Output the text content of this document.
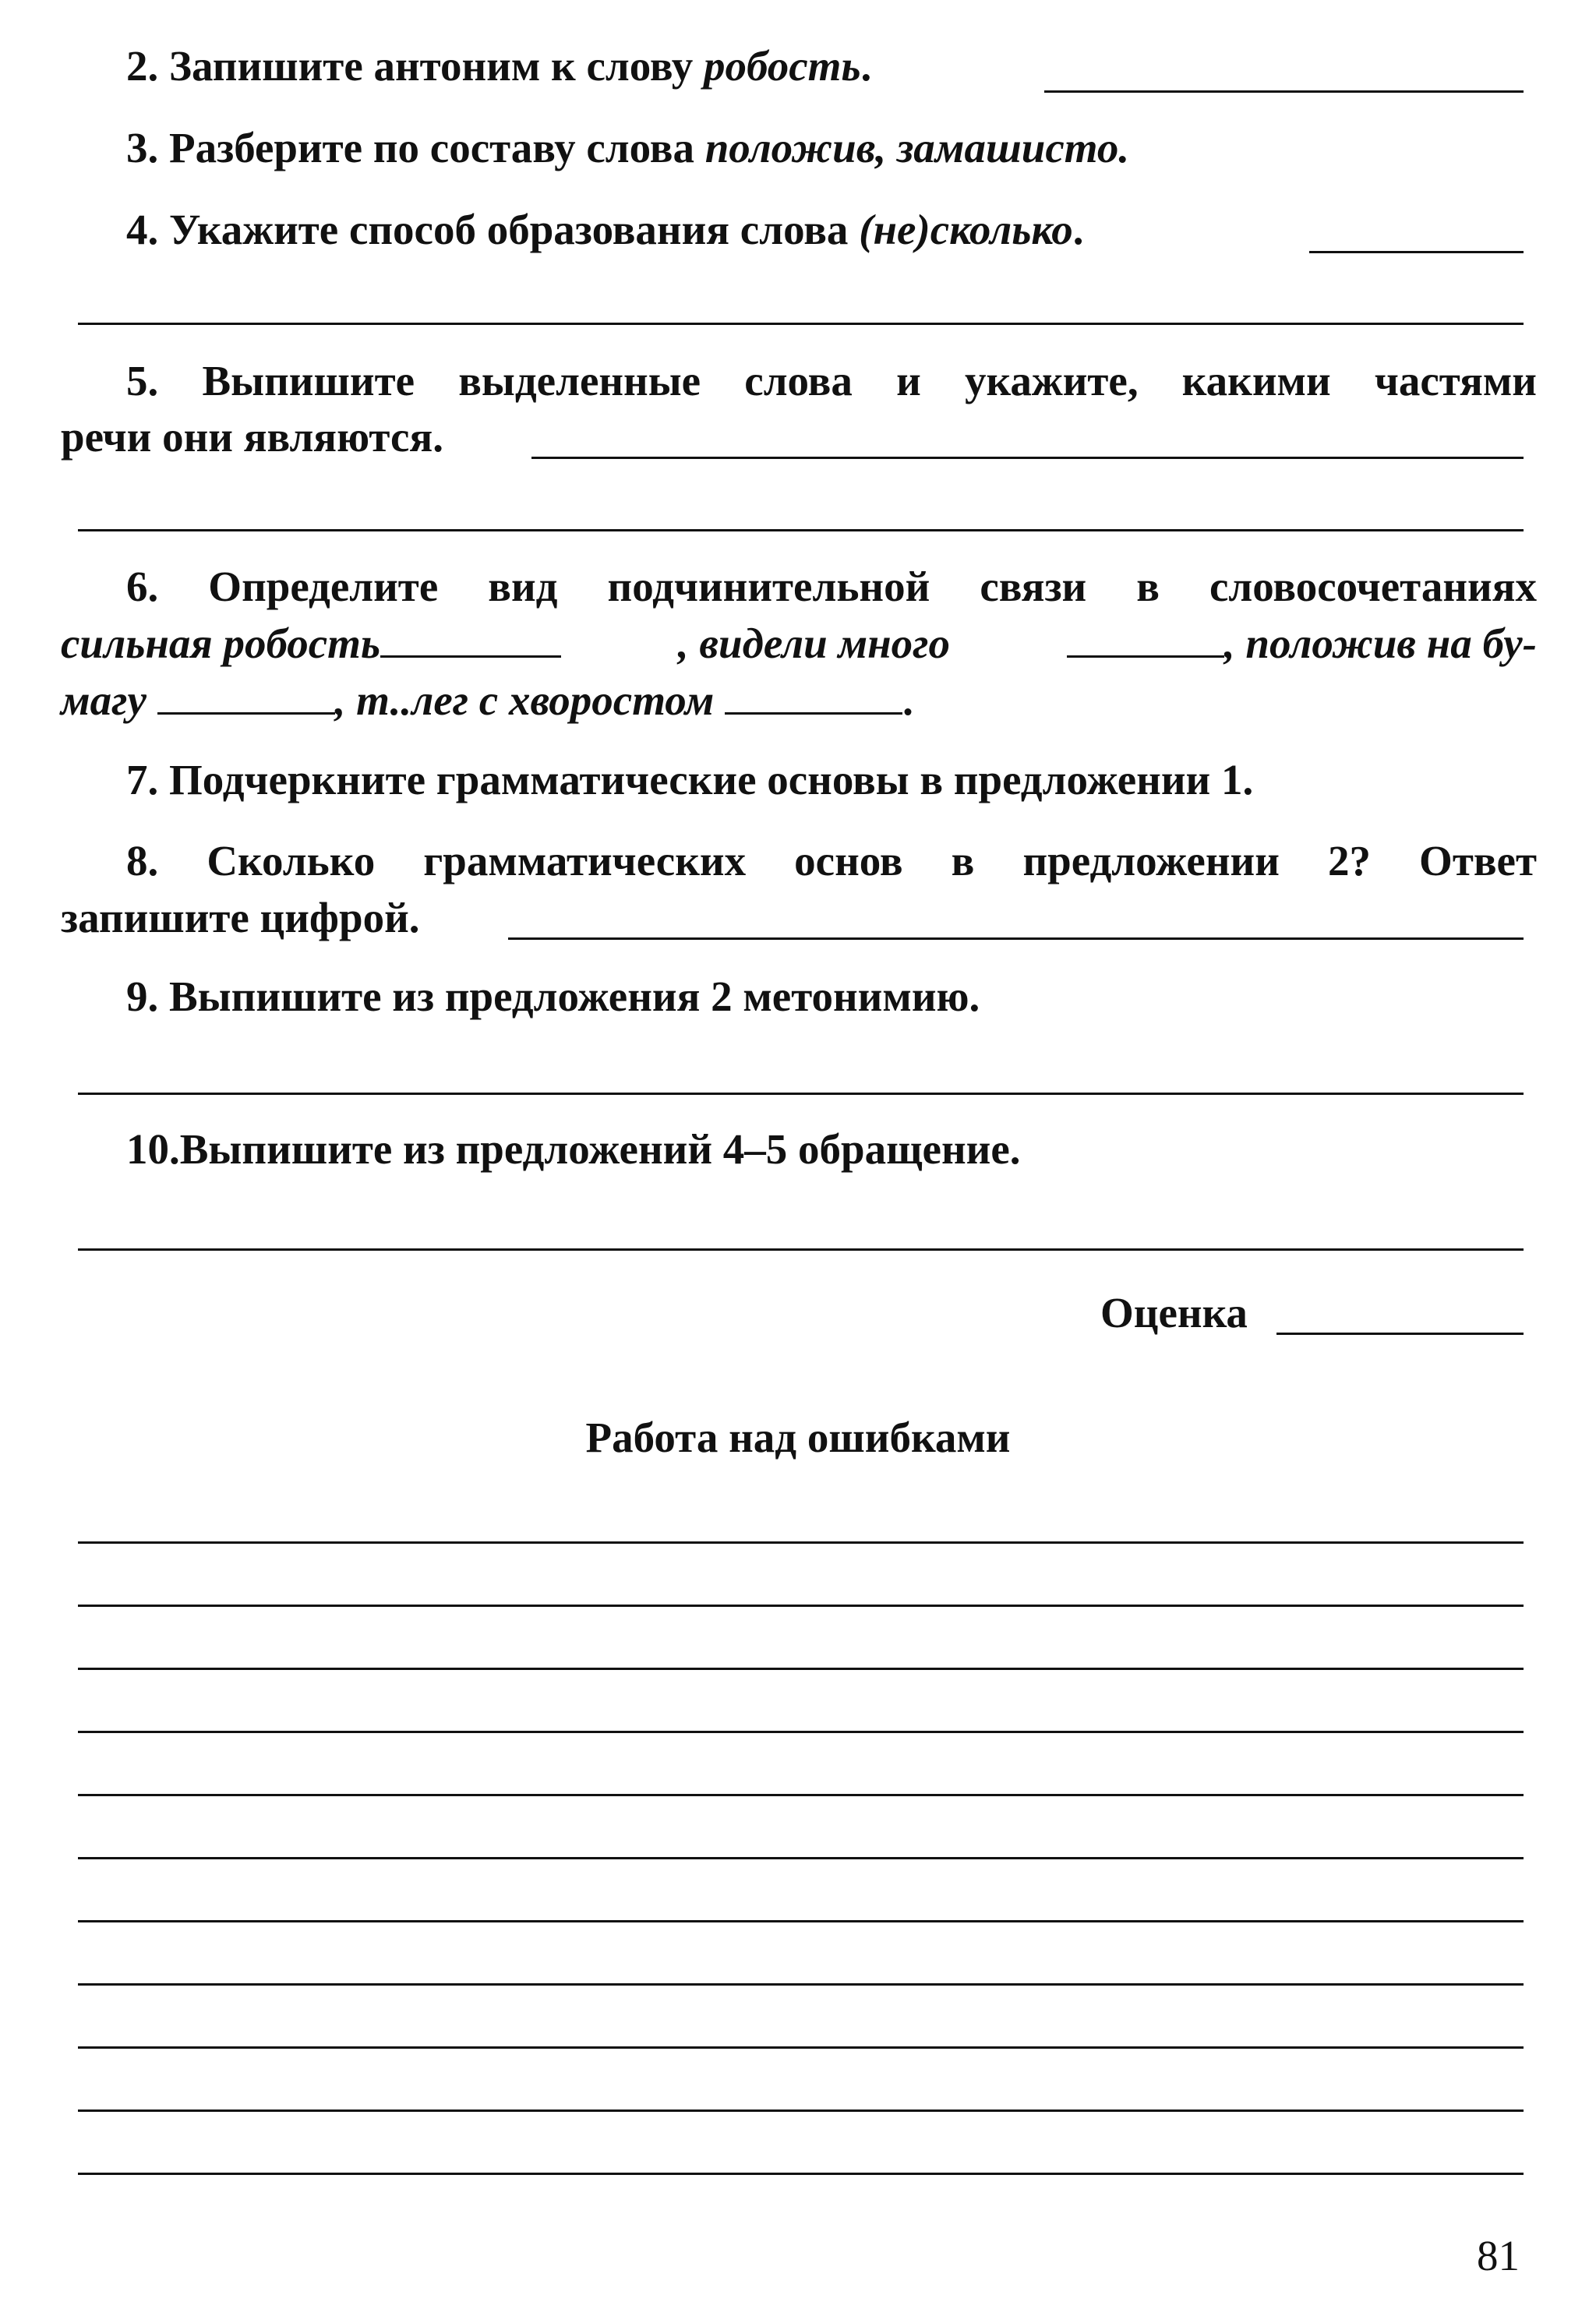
2. Запишите антоним к слову робость.
3. Разберите по составу слова положив, замашисто.
4. Укажите способ образования слова (не)сколько.
5. Выпишите выделенные слова и укажите, какими частями
речи они являются.
6. Определите вид подчинительной связи в словосочетаниях
сильная робость	, видели много	, положив на бу-
магу	, т..лег с хворостом	.
7. Подчеркните грамматические основы в предложении 1.
8. Сколько грамматических основ в предложении 2? Ответ
запишите цифрой.
9. Выпишите из предложения 2 метонимию.
10.Выпишите из предложений 4–5 обращение.
Оценка
Работа над ошибками
81
